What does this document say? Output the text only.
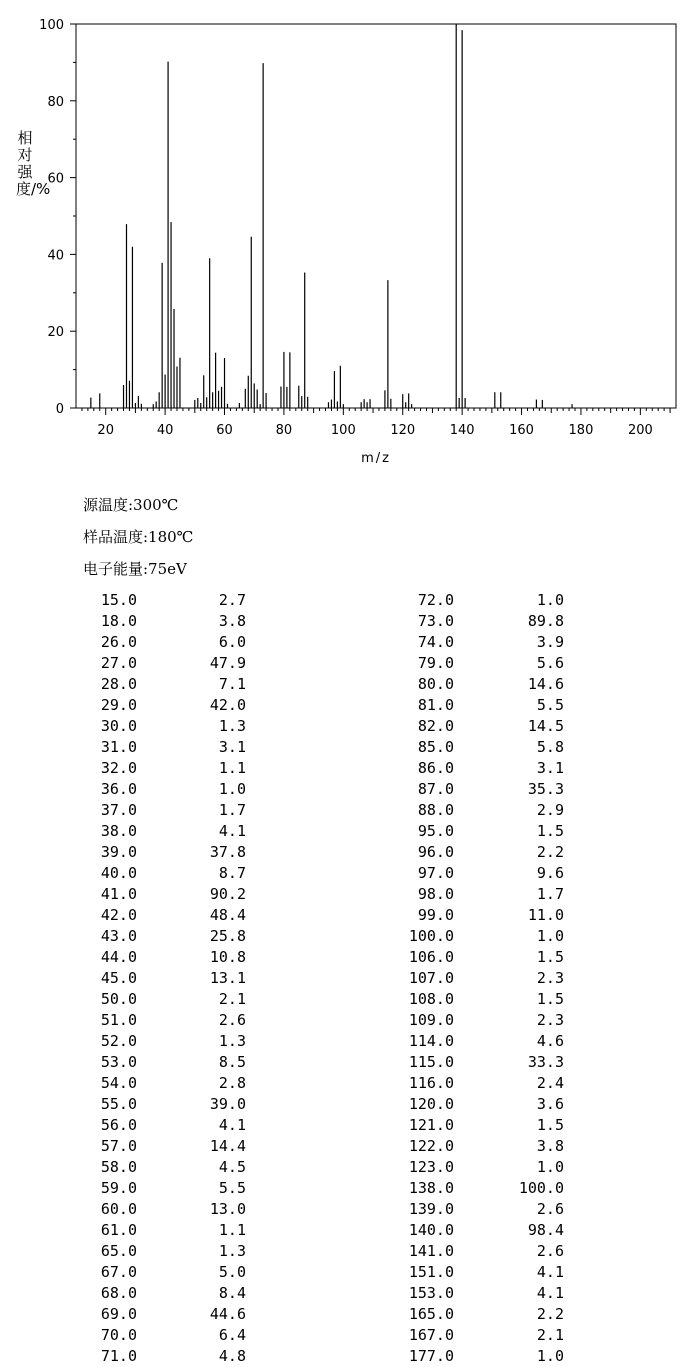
20	40	60	80	100	120	140	160	180	200
0
20
40
60
80
100
m/z
相对强度/%
源温度:300℃
样品温度:180℃
电子能量:75eV
15.0	2.7
18.0	3.8
26.0	6.0
27.0	47.9
28.0	7.1
29.0	42.0
30.0	1.3
31.0	3.1
32.0	1.1
36.0	1.0
37.0	1.7
38.0	4.1
39.0	37.8
40.0	8.7
41.0	90.2
42.0	48.4
43.0	25.8
44.0	10.8
45.0	13.1
50.0	2.1
51.0	2.6
52.0	1.3
53.0	8.5
54.0	2.8
55.0	39.0
56.0	4.1
57.0	14.4
58.0	4.5
59.0	5.5
60.0	13.0
61.0	1.1
65.0	1.3
67.0	5.0
68.0	8.4
69.0	44.6
70.0	6.4
71.0	4.8
72.0	1.0
73.0	89.8
74.0	3.9
79.0	5.6
80.0	14.6
81.0	5.5
82.0	14.5
85.0	5.8
86.0	3.1
87.0	35.3
88.0	2.9
95.0	1.5
96.0	2.2
97.0	9.6
98.0	1.7
99.0	11.0
100.0	1.0
106.0	1.5
107.0	2.3
108.0	1.5
109.0	2.3
114.0	4.6
115.0	33.3
116.0	2.4
120.0	3.6
121.0	1.5
122.0	3.8
123.0	1.0
138.0	100.0
139.0	2.6
140.0	98.4
141.0	2.6
151.0	4.1
153.0	4.1
165.0	2.2
167.0	2.1
177.0	1.0
